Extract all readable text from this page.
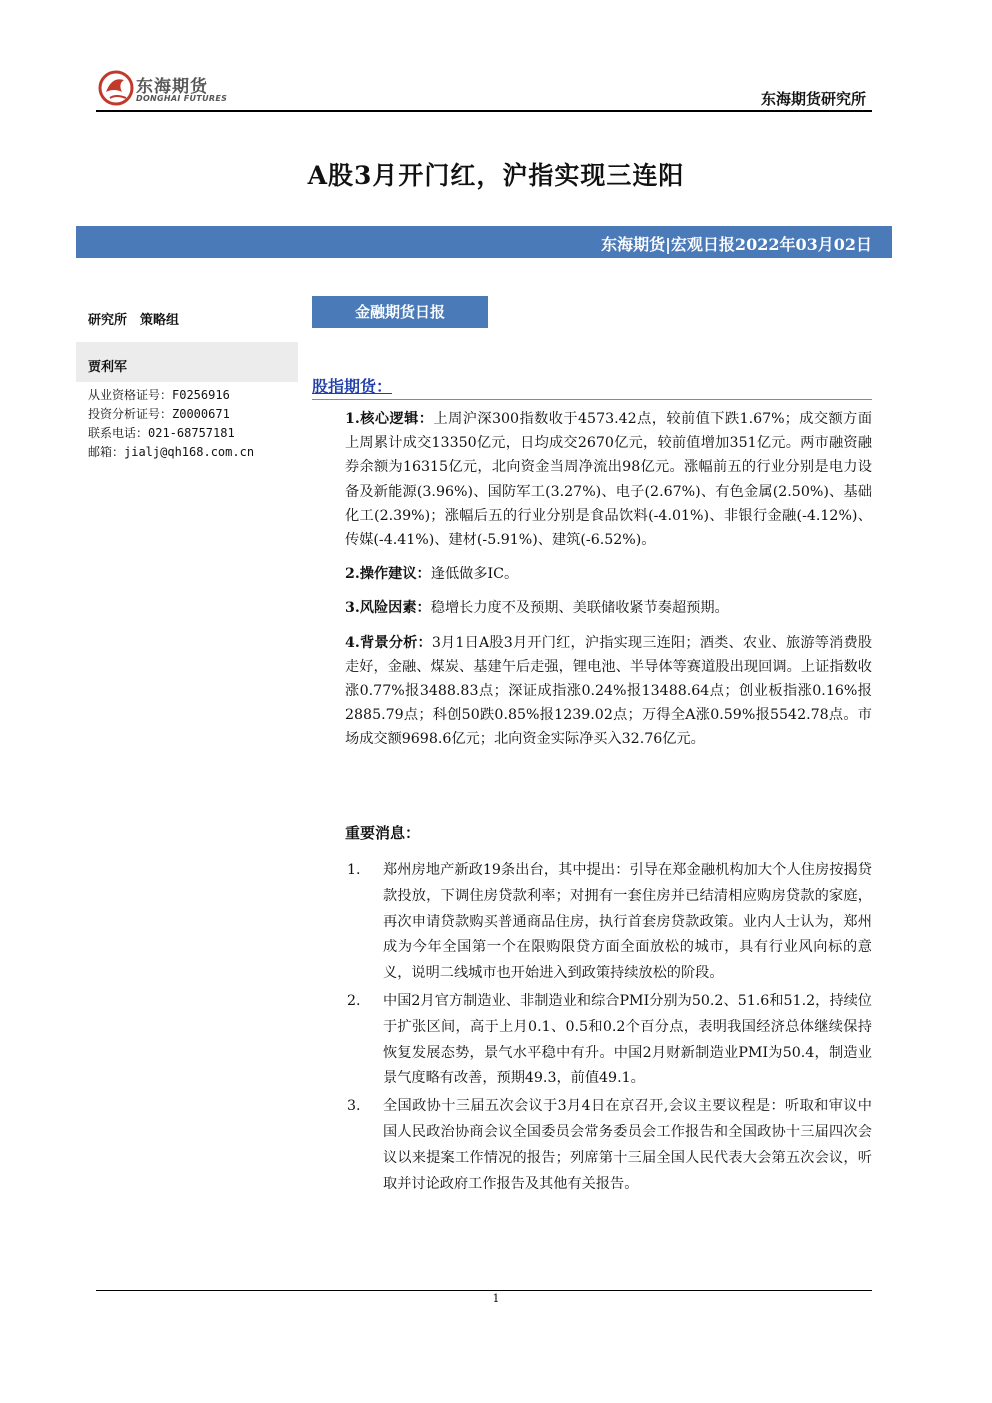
东海期货
DONGHAI FUTURES	东海期货研究所
A股3月开门红，沪指实现三连阳
东海期货|宏观日报2022年03月02日
研究所　策略组
贾利军
从业资格证号：F0256916
投资分析证号：Z0000671
联系电话：021-68757181
邮箱：jialj@qh168.com.cn
金融期货日报
股指期货：

1.核心逻辑：上周沪深300指数收于4573.42点，较前值下跌1.67%；成交额方面上周累计成交13350亿元，日均成交2670亿元，较前值增加351亿元。两市融资融券余额为16315亿元，北向资金当周净流出98亿元。涨幅前五的行业分别是电力设备及新能源(3.96%)、国防军工(3.27%)、电子(2.67%)、有色金属(2.50%)、基础化工(2.39%)；涨幅后五的行业分别是食品饮料(-4.01%)、非银行金融(-4.12%)、传媒(-4.41%)、建材(-5.91%)、建筑(-6.52%)。

2.操作建议：逢低做多IC。

3.风险因素：稳增长力度不及预期、美联储收紧节奏超预期。

4.背景分析：3月1日A股3月开门红，沪指实现三连阳；酒类、农业、旅游等消费股走好，金融、煤炭、基建午后走强，锂电池、半导体等赛道股出现回调。上证指数收涨0.77%报3488.83点；深证成指涨0.24%报13488.64点；创业板指涨0.16%报2885.79点；科创50跌0.85%报1239.02点；万得全A涨0.59%报5542.78点。市场成交额9698.6亿元；北向资金实际净买入32.76亿元。

重要消息：
1. 郑州房地产新政19条出台，其中提出：引导在郑金融机构加大个人住房按揭贷款投放，下调住房贷款利率；对拥有一套住房并已结清相应购房贷款的家庭，再次申请贷款购买普通商品住房，执行首套房贷款政策。业内人士认为，郑州成为今年全国第一个在限购限贷方面全面放松的城市，具有行业风向标的意义，说明二线城市也开始进入到政策持续放松的阶段。
2. 中国2月官方制造业、非制造业和综合PMI分别为50.2、51.6和51.2，持续位于扩张区间，高于上月0.1、0.5和0.2个百分点，表明我国经济总体继续保持恢复发展态势，景气水平稳中有升。中国2月财新制造业PMI为50.4，制造业景气度略有改善，预期49.3，前值49.1。
3. 全国政协十三届五次会议于3月4日在京召开,会议主要议程是：听取和审议中国人民政治协商会议全国委员会常务委员会工作报告和全国政协十三届四次会议以来提案工作情况的报告；列席第十三届全国人民代表大会第五次会议，听取并讨论政府工作报告及其他有关报告。
1
